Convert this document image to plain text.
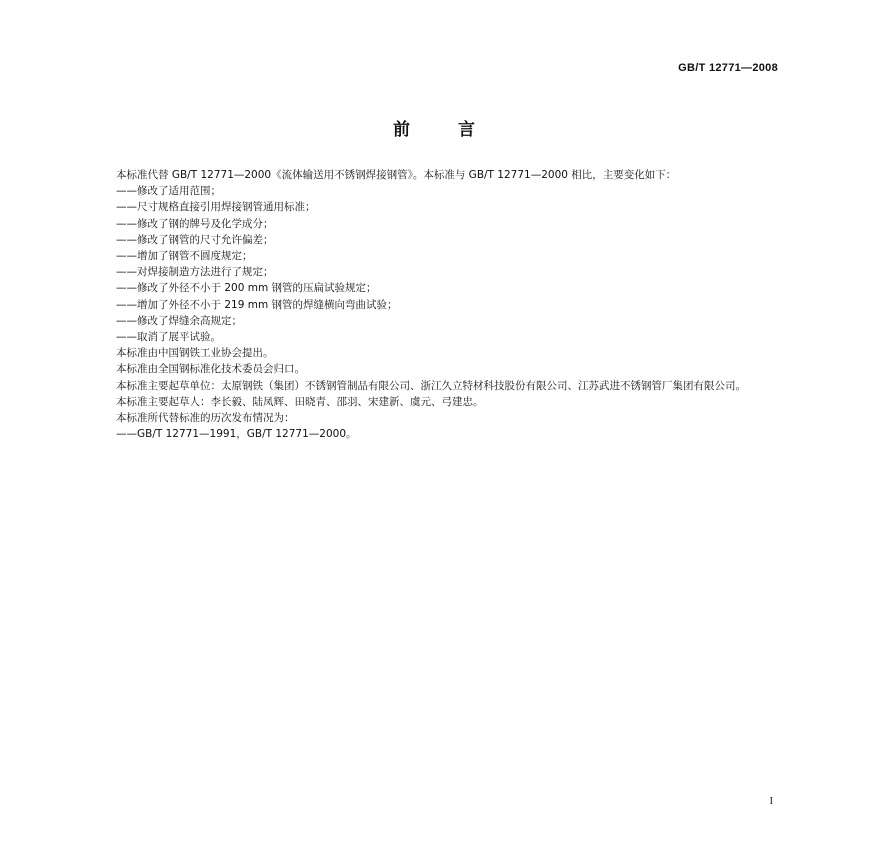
GB/T 12771—2008
前	言

本标准代替 GB/T 12771—2000《流体输送用不锈钢焊接钢管》。本标准与 GB/T 12771—2000 相比，主要变化如下：

——修改了适用范围；

——尺寸规格直接引用焊接钢管通用标准；

——修改了钢的牌号及化学成分；

——修改了钢管的尺寸允许偏差；

——增加了钢管不圆度规定；

——对焊接制造方法进行了规定；

——修改了外径不小于 200 mm 钢管的压扁试验规定；

——增加了外径不小于 219 mm 钢管的焊缝横向弯曲试验；

——修改了焊缝余高规定；

——取消了展平试验。

本标准由中国钢铁工业协会提出。

本标准由全国钢标准化技术委员会归口。

本标准主要起草单位：太原钢铁（集团）不锈钢管制品有限公司、浙江久立特材科技股份有限公司、江苏武进不锈钢管厂集团有限公司。

本标准主要起草人：李长毅、陆凤辉、田晓青、邵羽、宋建新、虞元、弓建忠。

本标准所代替标准的历次发布情况为：

——GB/T 12771—1991，GB/T 12771—2000。

I
